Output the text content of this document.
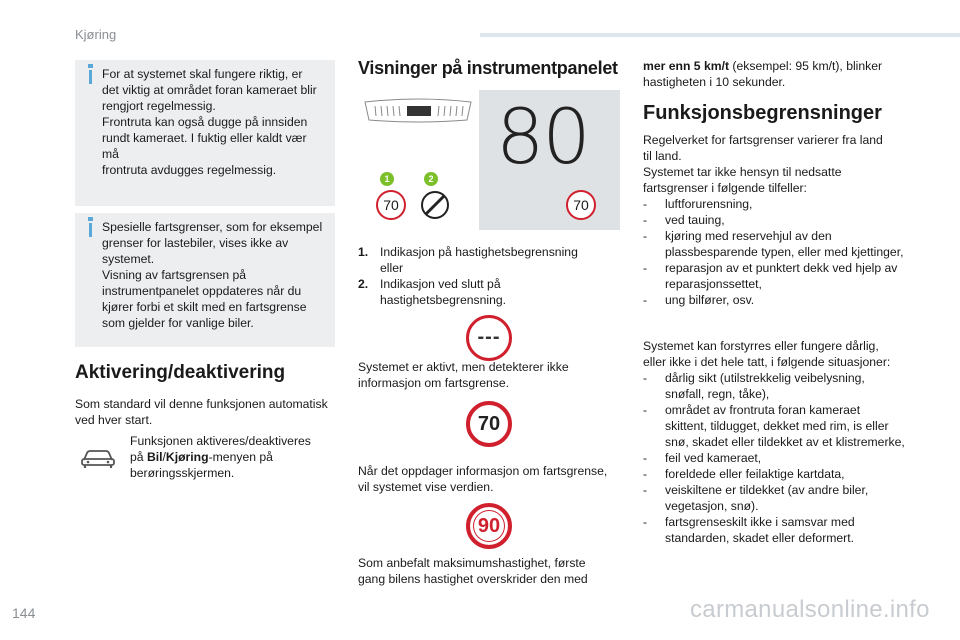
Kjøring
For at systemet skal fungere riktig, er
det viktig at området foran kameraet blir
rengjort regelmessig.
Frontruta kan også dugge på innsiden
rundt kameraet. I fuktig eller kaldt vær må
frontruta avdugges regelmessig.
Spesielle fartsgrenser, som for eksempel
grenser for lastebiler, vises ikke av
systemet.
Visning av fartsgrensen på
instrumentpanelet oppdateres når du
kjører forbi et skilt med en fartsgrense
som gjelder for vanlige biler.
Aktivering/deaktivering
Som standard vil denne funksjonen automatisk
ved hver start.
Funksjonen aktiveres/deaktiveres
på Bil/Kjøring-menyen på
berøringsskjermen.
Visninger på instrumentpanelet
80
1	2
70	70
1. Indikasjon på hastighetsbegrensning eller
2. Indikasjon ved slutt på hastighetsbegrensning.
---
Systemet er aktivt, men detekterer ikke
informasjon om fartsgrense.
70
Når det oppdager informasjon om fartsgrense,
vil systemet vise verdien.
90
Som anbefalt maksimumshastighet, første
gang bilens hastighet overskrider den med
mer enn 5 km/t (eksempel: 95 km/t), blinker
hastigheten i 10 sekunder.
Funksjonsbegrensninger
Regelverket for fartsgrenser varierer fra land
til land.
Systemet tar ikke hensyn til nedsatte
fartsgrenser i følgende tilfeller:
- luftforurensning,
- ved tauing,
- kjøring med reservehjul av den plassbesparende typen, eller med kjettinger,
- reparasjon av et punktert dekk ved hjelp av reparasjonssettet,
- ung bilfører, osv.
Systemet kan forstyrres eller fungere dårlig,
eller ikke i det hele tatt, i følgende situasjoner:
- dårlig sikt (utilstrekkelig veibelysning, snøfall, regn, tåke),
- området av frontruta foran kameraet skittent, tildugget, dekket med rim, is eller snø, skadet eller tildekket av et klistremerke,
- feil ved kameraet,
- foreldede eller feilaktige kartdata,
- veiskiltene er tildekket (av andre biler, vegetasjon, snø).
- fartsgrenseskilt ikke i samsvar med standarden, skadet eller deformert.
144	carmanualsonline.info
